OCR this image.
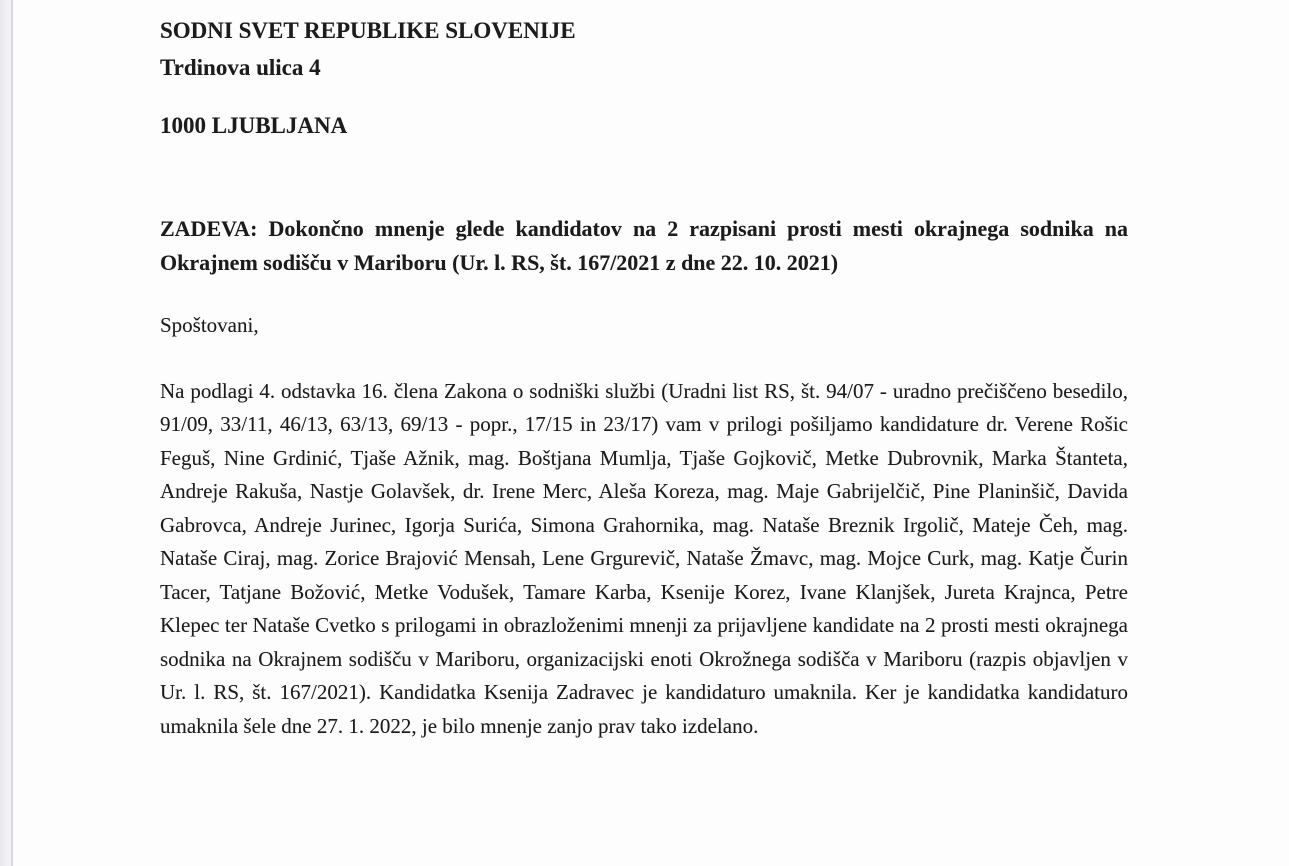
SODNI SVET REPUBLIKE SLOVENIJE
Trdinova ulica 4
1000 LJUBLJANA
ZADEVA: Dokončno mnenje glede kandidatov na 2 razpisani prosti mesti okrajnega sodnika na Okrajnem sodišču v Mariboru (Ur. l. RS, št. 167/2021 z dne 22. 10. 2021)
Spoštovani,
Na podlagi 4. odstavka 16. člena Zakona o sodniški službi (Uradni list RS, št. 94/07 - uradno prečiščeno besedilo, 91/09, 33/11, 46/13, 63/13, 69/13 - popr., 17/15 in 23/17) vam v prilogi pošiljamo kandidature dr. Verene Rošic Feguš, Nine Grdinić, Tjaše Ažnik, mag. Boštjana Mumlja, Tjaše Gojkovič, Metke Dubrovnik, Marka Štanteta, Andreje Rakuša, Nastje Golavšek, dr. Irene Merc, Aleša Koreza, mag. Maje Gabrijelčič, Pine Planinšič, Davida Gabrovca, Andreje Jurinec, Igorja Surića, Simona Grahornika, mag. Nataše Breznik Irgolič, Mateje Čeh, mag. Nataše Ciraj, mag. Zorice Brajović Mensah, Lene Grgurevič, Nataše Žmavc, mag. Mojce Curk, mag. Katje Čurin Tacer, Tatjane Božović, Metke Vodušek, Tamare Karba, Ksenije Korez, Ivane Klanjšek, Jureta Krajnca, Petre Klepec ter Nataše Cvetko s prilogami in obrazloženimi mnenji za prijavljene kandidate na 2 prosti mesti okrajnega sodnika na Okrajnem sodišču v Mariboru, organizacijski enoti Okrožnega sodišča v Mariboru (razpis objavljen v Ur. l. RS, št. 167/2021). Kandidatka Ksenija Zadravec je kandidaturo umaknila. Ker je kandidatka kandidaturo umaknila šele dne 27. 1. 2022, je bilo mnenje zanjo prav tako izdelano.
